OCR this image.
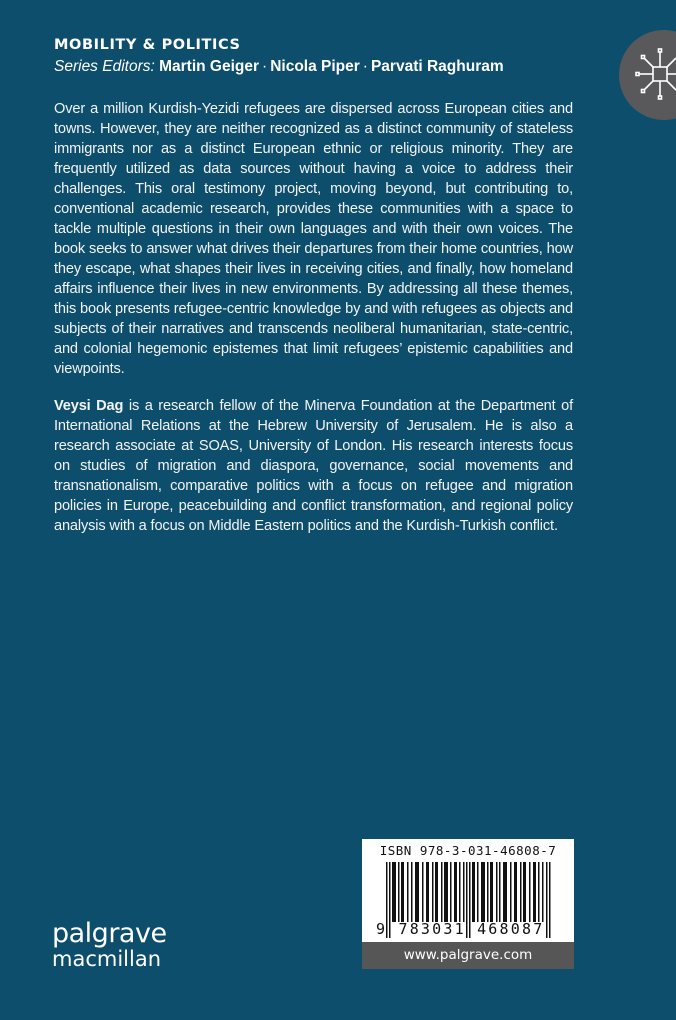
MOBILITY & POLITICS
Series Editors: Martin Geiger · Nicola Piper · Parvati Raghuram
Over a million Kurdish-Yezidi refugees are dispersed across European cities and towns. However, they are neither recognized as a distinct community of stateless immigrants nor as a distinct European ethnic or religious minority. They are frequently utilized as data sources without having a voice to address their challenges. This oral testimony project, moving beyond, but contributing to, conventional academic research, provides these communities with a space to tackle multiple questions in their own languages and with their own voices. The book seeks to answer what drives their departures from their home countries, how they escape, what shapes their lives in receiving cities, and finally, how homeland affairs influence their lives in new environments. By addressing all these themes, this book presents refugee-centric knowledge by and with refugees as objects and subjects of their narratives and transcends neoliberal humanitarian, state-centric, and colonial hegemonic epistemes that limit refugees’ epistemic capabilities and viewpoints.
Veysi Dag is a research fellow of the Minerva Foundation at the Department of International Relations at the Hebrew University of Jerusalem. He is also a research associate at SOAS, University of London. His research interests focus on studies of migration and diaspora, governance, social movements and transnationalism, comparative politics with a focus on refugee and migration policies in Europe, peacebuilding and conflict transformation, and regional policy analysis with a focus on Middle Eastern politics and the Kurdish-Turkish conflict.
ISBN 978-3-031-46808-7
9 783031 468087
www.palgrave.com
palgrave
macmillan
